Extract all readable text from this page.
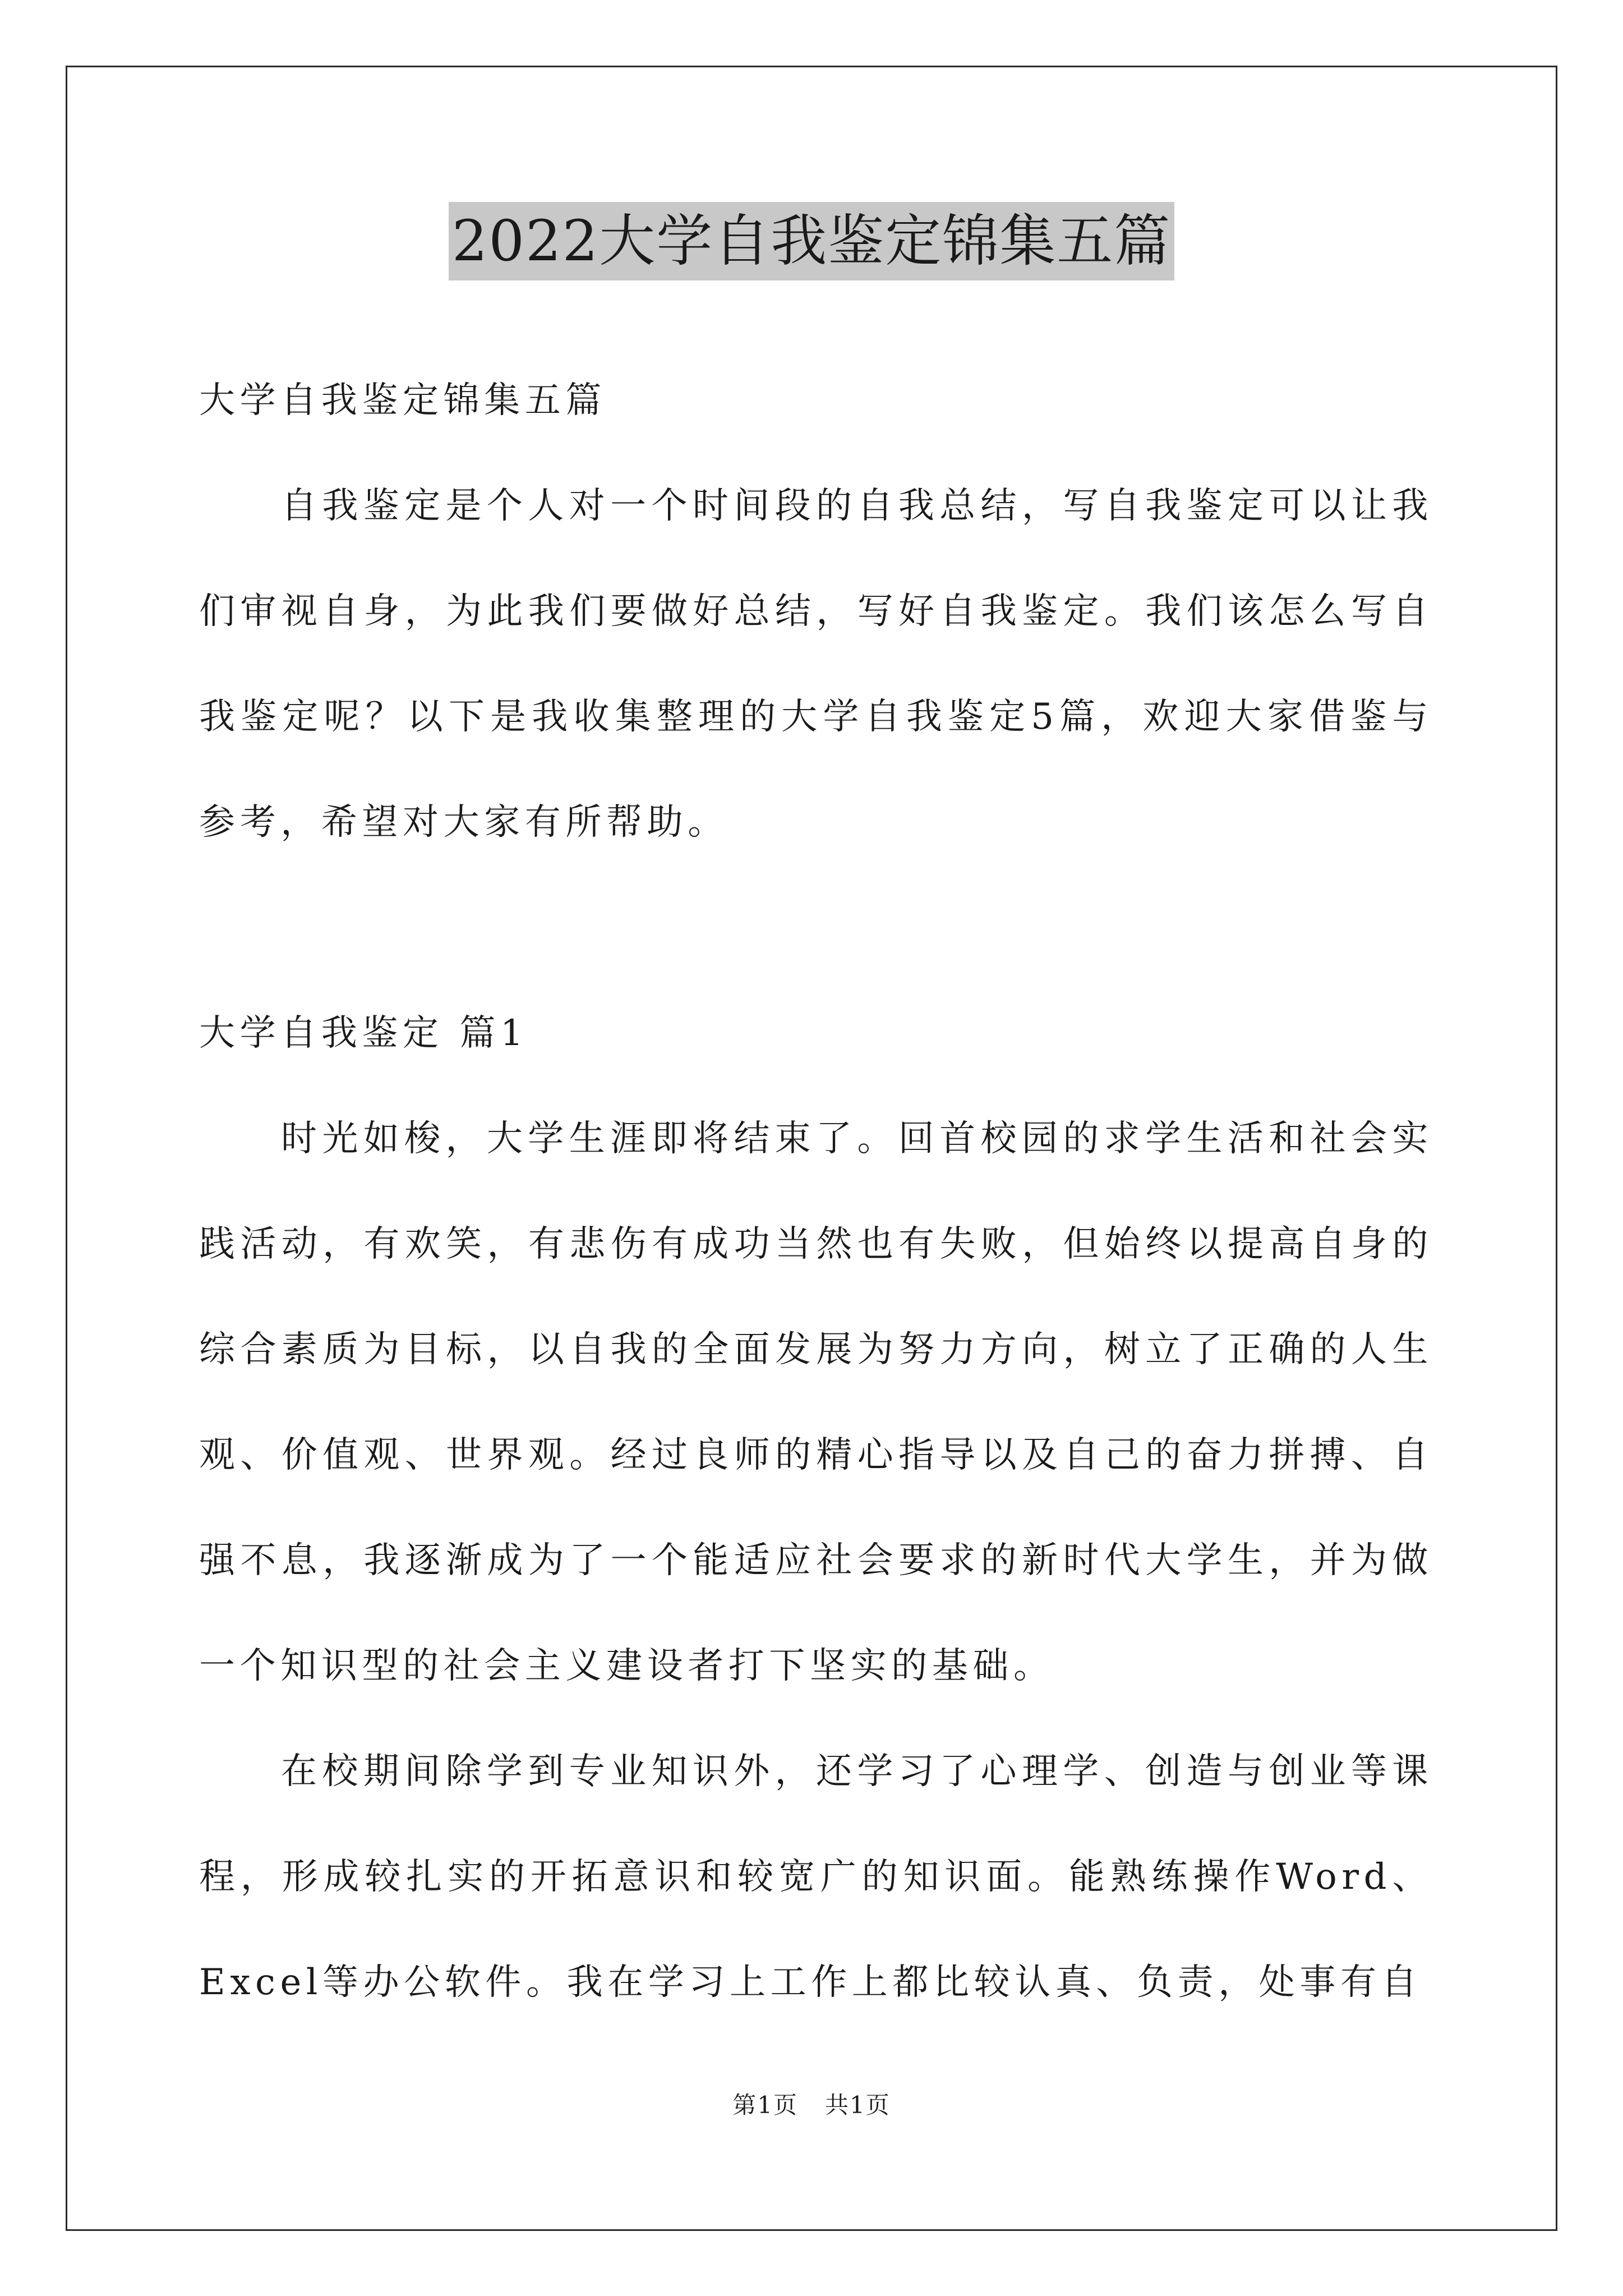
2022大学自我鉴定锦集五篇

大学自我鉴定锦集五篇

自我鉴定是个人对一个时间段的自我总结，写自我鉴定可以让我们审视自身，为此我们要做好总结，写好自我鉴定。我们该怎么写自我鉴定呢？以下是我收集整理的大学自我鉴定5篇，欢迎大家借鉴与参考，希望对大家有所帮助。

大学自我鉴定 篇1

时光如梭，大学生涯即将结束了。回首校园的求学生活和社会实践活动，有欢笑，有悲伤有成功当然也有失败，但始终以提高自身的综合素质为目标，以自我的全面发展为努力方向，树立了正确的人生观、价值观、世界观。经过良师的精心指导以及自己的奋力拼搏、自强不息，我逐渐成为了一个能适应社会要求的新时代大学生，并为做一个知识型的社会主义建设者打下坚实的基础。

在校期间除学到专业知识外，还学习了心理学、创造与创业等课程，形成较扎实的开拓意识和较宽广的知识面。能熟练操作Word、Excel等办公软件。我在学习上工作上都比较认真、负责，处事有自

第1页 共1页
